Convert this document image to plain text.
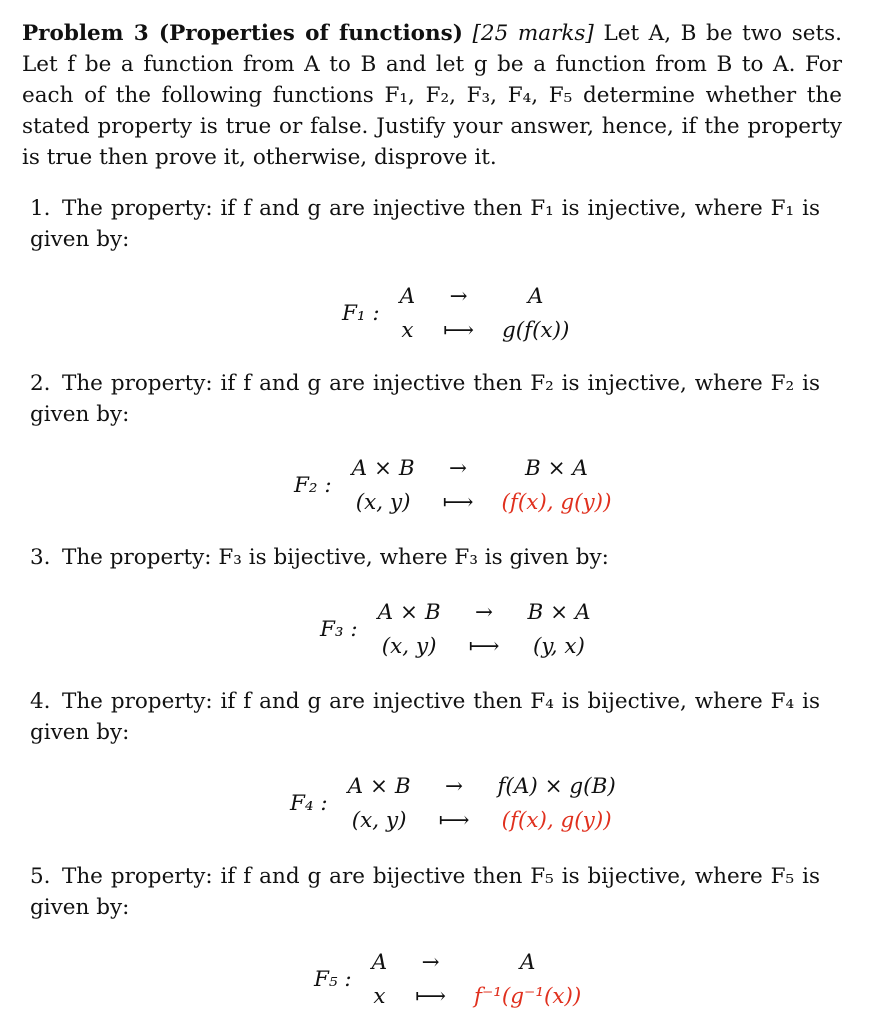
Problem 3 (Properties of functions) [25 marks] Let A, B be two sets. Let f be a function from A to B and let g be a function from B to A. For each of the following functions F₁, F₂, F₃, F₄, F₅ determine whether the stated property is true or false. Justify your answer, hence, if the property is true then prove it, otherwise, disprove it.

1. The property: if f and g are injective then F₁ is injective, where F₁ is given by:
F₁ :	A	→	A
	x	⟼	g(f(x))
2. The property: if f and g are injective then F₂ is injective, where F₂ is given by:
F₂ :	A × B	→	B × A
	(x, y)	⟼	(f(x), g(y))
3. The property: F₃ is bijective, where F₃ is given by:
F₃ :	A × B	→	B × A
	(x, y)	⟼	(y, x)
4. The property: if f and g are injective then F₄ is bijective, where F₄ is given by:
F₄ :	A × B	→	f(A) × g(B)
	(x, y)	⟼	(f(x), g(y))
5. The property: if f and g are bijective then F₅ is bijective, where F₅ is given by:
F₅ :	A	→	A
	x	⟼	f⁻¹(g⁻¹(x))
